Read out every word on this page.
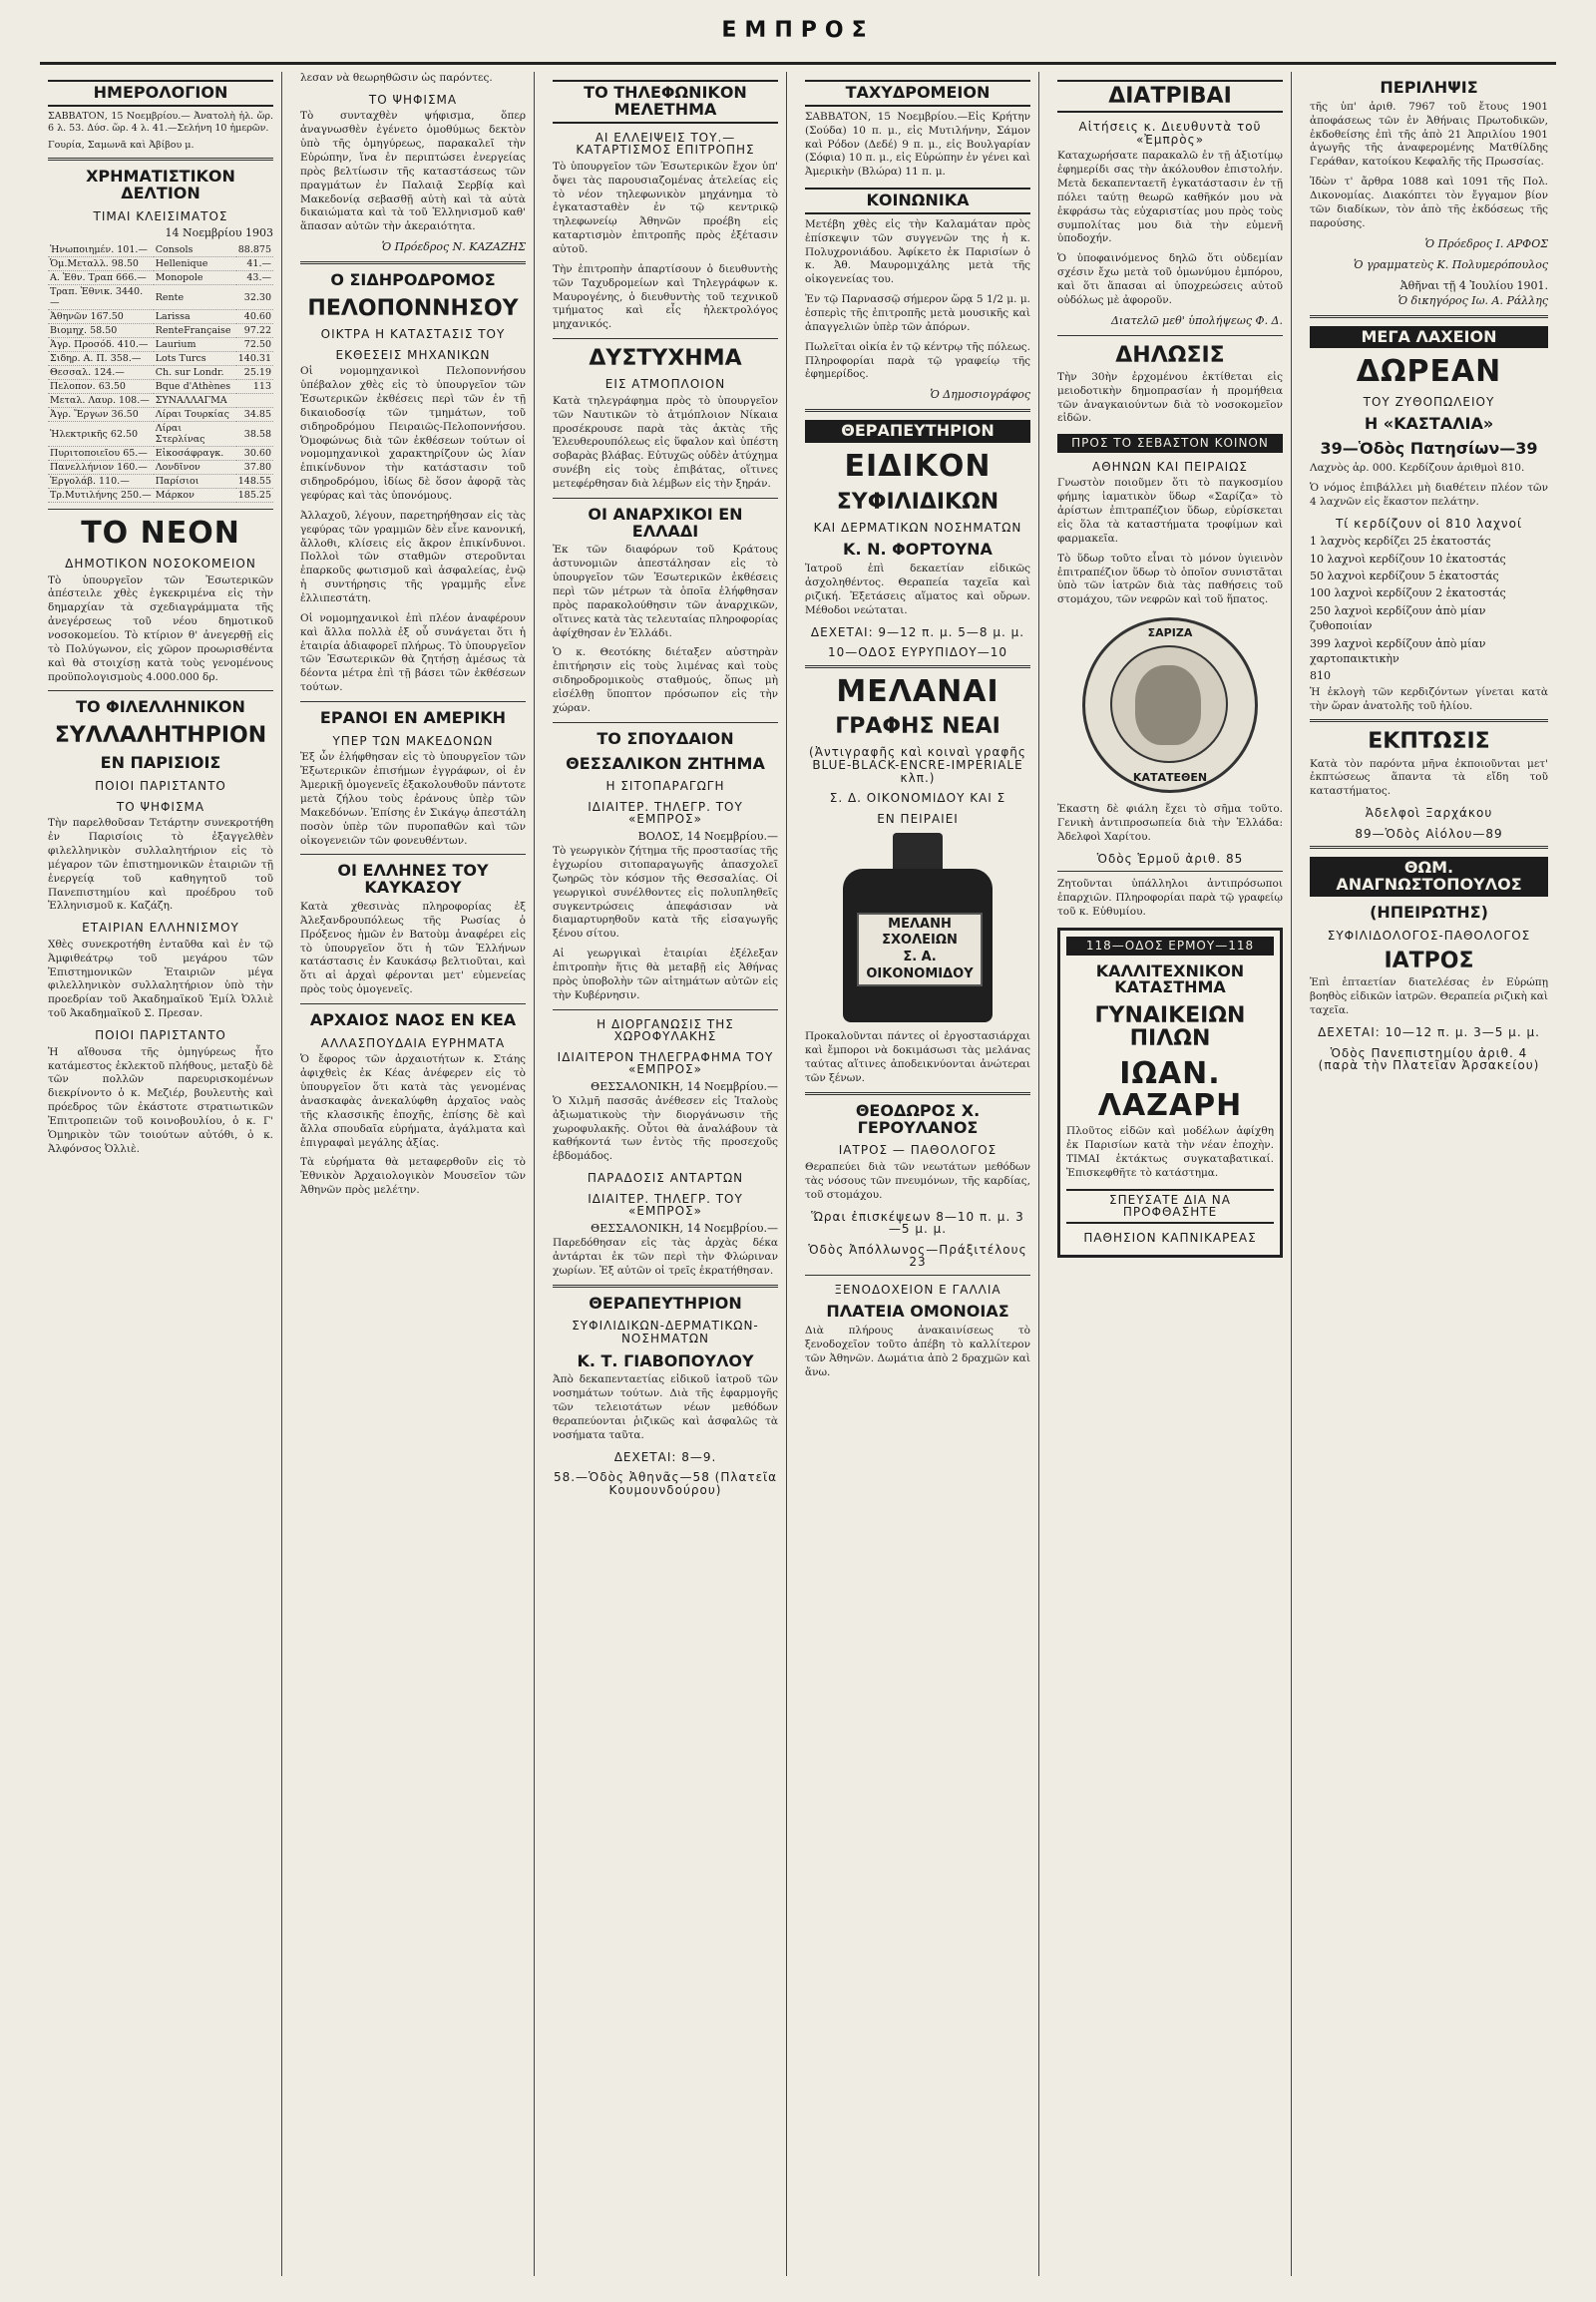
ΕΜΠΡΟΣ
ΗΜΕΡΟΛΟΓΙΟΝ

ΣΑΒΒΑΤΟΝ, 15 Νοεμβρίου.— Ἀνατολὴ ἡλ. ὥρ. 6 λ. 53. Δύσ. ὥρ. 4 λ. 41.—Σελήνη 10 ἡμερῶν.

Γουρία, Σαμωνᾶ καὶ Ἀβίβου μ.

ΧΡΗΜΑΤΙΣΤΙΚΟΝ ΔΕΛΤΙΟΝ
ΤΙΜΑΙ ΚΛΕΙΣΙΜΑΤΟΣ
14 Νοεμβρίου 1903
Ἡνωποιημέν. 101.—	Consols	88.875
Ὁμ.Μεταλλ. 98.50	Hellenique	41.—
Α. Ἐθν. Τραπ 666.—	Monopole	43.—
Τραπ. Ἐθνικ. 3440.—	Rente	32.30
Ἀθηνῶν 167.50	Larissa	40.60
Βιομηχ. 58.50	RenteFrançaise	97.22
Ἀγρ. Προσόδ. 410.—	Laurium	72.50
Σιδηρ. Α. Π. 358.—	Lots Turcs	140.31
Θεσσαλ. 124.—	Ch. sur Londr.	25.19
Πελοπον. 63.50	Bque d'Athènes	113
Μεταλ. Λαυρ. 108.—	ΣΥΝΑΛΛΑΓΜΑ	
Ἀγρ. Ἔργων 36.50	Λίραι Τουρκίας	34.85
Ἠλεκτρικῆς 62.50	Λίραι Στερλίνας	38.58
Πυριτοποιεῖου 65.—	Εἰκοσάφραγκ.	30.60
Πανελλήνιον 160.—	Λονδῖνον	37.80
Ἐργολάβ. 110.—	Παρίσιοι	148.55
Τρ.Μυτιλήνης 250.—	Μάρκον	185.25
ΤΟ ΝΕΟΝ
ΔΗΜΟΤΙΚΟΝ ΝΟΣΟΚΟΜΕΙΟΝ

Τὸ ὑπουργεῖον τῶν Ἐσωτερικῶν ἀπέστειλε χθὲς ἐγκεκριμένα εἰς τὴν δημαρχίαν τὰ σχεδιαγράμματα τῆς ἀνεγέρσεως τοῦ νέου δημοτικοῦ νοσοκομείου. Τὸ κτίριον θ' ἀνεγερθῇ εἰς τὸ Πολύγωνον, εἰς χῶρον προωρισθέντα καὶ θὰ στοιχίσῃ κατὰ τοὺς γενομένους προϋπολογισμοὺς 4.000.000 δρ.

ΤΟ ΦΙΛΕΛΛΗΝΙΚΟΝ
ΣΥΛΛΑΛΗΤΗΡΙΟΝ
ΕΝ ΠΑΡΙΣΙΟΙΣ
ΠΟΙΟΙ ΠΑΡΙΣΤΑΝΤΟ
ΤΟ ΨΗΦΙΣΜΑ

Τὴν παρελθοῦσαν Τετάρτην συνεκροτήθη ἐν Παρισίοις τὸ ἐξαγγελθὲν φιλελληνικὸν συλλαλητήριον εἰς τὸ μέγαρον τῶν ἐπιστημονικῶν ἑταιριῶν τῇ ἐνεργείᾳ τοῦ καθηγητοῦ τοῦ Πανεπιστημίου καὶ προέδρου τοῦ Ἑλληνισμοῦ κ. Καζάζη.

ΕΤΑΙΡΙΑΝ ΕΛΛΗΝΙΣΜΟΥ

Χθὲς συνεκροτήθη ἐνταῦθα καὶ ἐν τῷ Ἀμφιθεάτρῳ τοῦ μεγάρου τῶν Ἐπιστημονικῶν Ἑταιριῶν μέγα φιλελληνικὸν συλλαλητήριον ὑπὸ τὴν προεδρίαν τοῦ Ἀκαδημαϊκοῦ Ἐμίλ Ὀλλιὲ τοῦ Ἀκαδημαϊκοῦ Σ. Πρεσαν.

ΠΟΙΟΙ ΠΑΡΙΣΤΑΝΤΟ

Ἡ αἴθουσα τῆς ὁμηγύρεως ἦτο κατάμεστος ἐκλεκτοῦ πλήθους, μεταξὺ δὲ τῶν πολλῶν παρευρισκομένων διεκρίνοντο ὁ κ. Μεζιέρ, βουλευτὴς καὶ πρόεδρος τῶν ἐκάστοτε στρατιωτικῶν Ἐπιτροπειῶν τοῦ κοινοβουλίου, ὁ κ. Γ' Ὁμηρικὸν τῶν τοιούτων αὐτόθι, ὁ κ. Ἀλφόνσος Ὀλλιὲ.

λεσαν νὰ θεωρηθῶσιν ὡς παρόντες.

ΤΟ ΨΗΦΙΣΜΑ

Τὸ συνταχθὲν ψήφισμα, ὅπερ ἀναγνωσθὲν ἐγένετο ὁμοθύμως δεκτὸν ὑπὸ τῆς ὁμηγύρεως, παρακαλεῖ τὴν Εὐρώπην, ἵνα ἐν περιπτώσει ἐνεργείας πρὸς βελτίωσιν τῆς καταστάσεως τῶν πραγμάτων ἐν Παλαιᾷ Σερβίᾳ καὶ Μακεδονίᾳ σεβασθῇ αὐτὴ καὶ τὰ αὐτὰ δικαιώματα καὶ τὰ τοῦ Ἑλληνισμοῦ καθ' ἅπασαν αὐτῶν τὴν ἀκεραιότητα.

Ὁ Πρόεδρος Ν. ΚΑΖΑΖΗΣ
Ο ΣΙΔΗΡΟΔΡΟΜΟΣ
ΠΕΛΟΠΟΝΝΗΣΟΥ
ΟΙΚΤΡΑ Η ΚΑΤΑΣΤΑΣΙΣ ΤΟΥ
ΕΚΘΕΣΕΙΣ ΜΗΧΑΝΙΚΩΝ

Οἱ νομομηχανικοὶ Πελοποννήσου ὑπέβαλον χθὲς εἰς τὸ ὑπουργεῖον τῶν Ἐσωτερικῶν ἐκθέσεις περὶ τῶν ἐν τῇ δικαιοδοσίᾳ τῶν τμημάτων, τοῦ σιδηροδρόμου Πειραιῶς-Πελοποννήσου. Ὁμοφώνως διὰ τῶν ἐκθέσεων τούτων οἱ νομομηχανικοὶ χαρακτηρίζουν ὡς λίαν ἐπικίνδυνον τὴν κατάστασιν τοῦ σιδηροδρόμου, ἰδίως δὲ ὅσον ἀφορᾷ τὰς γεφύρας καὶ τὰς ὑπονόμους.

Ἀλλαχοῦ, λέγουν, παρετηρήθησαν εἰς τὰς γεφύρας τῶν γραμμῶν δὲν εἶνε κανονική, ἄλλοθι, κλίσεις εἰς ἄκρον ἐπικίνδυνοι. Πολλοὶ τῶν σταθμῶν στεροῦνται ἐπαρκοῦς φωτισμοῦ καὶ ἀσφαλείας, ἐνῷ ἡ συντήρησις τῆς γραμμῆς εἶνε ἐλλιπεστάτη.

Οἱ νομομηχανικοὶ ἐπὶ πλέον ἀναφέρουν καὶ ἄλλα πολλὰ ἐξ οὗ συνάγεται ὅτι ἡ ἑταιρία ἀδιαφορεῖ πλήρως. Τὸ ὑπουργεῖον τῶν Ἐσωτερικῶν θὰ ζητήσῃ ἀμέσως τὰ δέοντα μέτρα ἐπὶ τῇ βάσει τῶν ἐκθέσεων τούτων.

ΕΡΑΝΟΙ ΕΝ ΑΜΕΡΙΚΗ
ΥΠΕΡ ΤΩΝ ΜΑΚΕΔΟΝΩΝ

Ἐξ ὧν ἐλήφθησαν εἰς τὸ ὑπουργεῖον τῶν Ἐξωτερικῶν ἐπισήμων ἐγγράφων, οἱ ἐν Ἀμερικῇ ὁμογενεῖς ἐξακολουθοῦν πάντοτε μετὰ ζήλου τοὺς ἐράνους ὑπὲρ τῶν Μακεδόνων. Ἐπίσης ἐν Σικάγῳ ἀπεστάλη ποσὸν ὑπὲρ τῶν πυροπαθῶν καὶ τῶν οἰκογενειῶν τῶν φονευθέντων.

ΟΙ ΕΛΛΗΝΕΣ ΤΟΥ ΚΑΥΚΑΣΟΥ

Κατὰ χθεσινὰς πληροφορίας ἐξ Ἀλεξανδρουπόλεως τῆς Ρωσίας ὁ Πρόξενος ἡμῶν ἐν Βατοὺμ ἀναφέρει εἰς τὸ ὑπουργεῖον ὅτι ἡ τῶν Ἑλλήνων κατάστασις ἐν Καυκάσῳ βελτιοῦται, καὶ ὅτι αἱ ἀρχαὶ φέρονται μετ' εὐμενείας πρὸς τοὺς ὁμογενεῖς.

ΑΡΧΑΙΟΣ ΝΑΟΣ ΕΝ ΚΕΑ
ΑΛΛΑΣΠΟΥΔΑΙΑ ΕΥΡΗΜΑΤΑ

Ὁ ἔφορος τῶν ἀρχαιοτήτων κ. Στάης ἀφιχθεὶς ἐκ Κέας ἀνέφερεν εἰς τὸ ὑπουργεῖον ὅτι κατὰ τὰς γενομένας ἀνασκαφὰς ἀνεκαλύφθη ἀρχαῖος ναὸς τῆς κλασσικῆς ἐποχῆς, ἐπίσης δὲ καὶ ἄλλα σπουδαῖα εὑρήματα, ἀγάλματα καὶ ἐπιγραφαὶ μεγάλης ἀξίας.

Τὰ εὑρήματα θὰ μεταφερθοῦν εἰς τὸ Ἐθνικὸν Ἀρχαιολογικὸν Μουσεῖον τῶν Ἀθηνῶν πρὸς μελέτην.

ΤΟ ΤΗΛΕΦΩΝΙΚΟΝ ΜΕΛΕΤΗΜΑ
ΑΙ ΕΛΛΕΙΨΕΙΣ ΤΟΥ.— ΚΑΤΑΡΤΙΣΜΟΣ ΕΠΙΤΡΟΠΗΣ

Τὸ ὑπουργεῖον τῶν Ἐσωτερικῶν ἔχον ὑπ' ὄψει τὰς παρουσιαζομένας ἀτελείας εἰς τὸ νέον τηλεφωνικὸν μηχάνημα τὸ ἐγκατασταθὲν ἐν τῷ κεντρικῷ τηλεφωνείῳ Ἀθηνῶν προέβη εἰς καταρτισμὸν ἐπιτροπῆς πρὸς ἐξέτασιν αὐτοῦ.

Τὴν ἐπιτροπὴν ἀπαρτίσουν ὁ διευθυντὴς τῶν Ταχυδρομείων καὶ Τηλεγράφων κ. Μαυρογένης, ὁ διευθυντὴς τοῦ τεχνικοῦ τμήματος καὶ εἷς ἠλεκτρολόγος μηχανικός.

ΔΥΣΤΥΧΗΜΑ
ΕΙΣ ΑΤΜΟΠΛΟΙΟΝ

Κατὰ τηλεγράφημα πρὸς τὸ ὑπουργεῖον τῶν Ναυτικῶν τὸ ἀτμόπλοιον Νίκαια προσέκρουσε παρὰ τὰς ἀκτὰς τῆς Ἐλευθερουπόλεως εἰς ὕφαλον καὶ ὑπέστη σοβαρὰς βλάβας. Εὐτυχῶς οὐδὲν ἀτύχημα συνέβη εἰς τοὺς ἐπιβάτας, οἵτινες μετεφέρθησαν διὰ λέμβων εἰς τὴν ξηράν.

ΟΙ ΑΝΑΡΧΙΚΟΙ ΕΝ ΕΛΛΑΔΙ

Ἐκ τῶν διαφόρων τοῦ Κράτους ἀστυνομιῶν ἀπεστάλησαν εἰς τὸ ὑπουργεῖον τῶν Ἐσωτερικῶν ἐκθέσεις περὶ τῶν μέτρων τὰ ὁποῖα ἐλήφθησαν πρὸς παρακολούθησιν τῶν ἀναρχικῶν, οἵτινες κατὰ τὰς τελευταίας πληροφορίας ἀφίχθησαν ἐν Ἑλλάδι.

Ὁ κ. Θεοτόκης διέταξεν αὐστηρὰν ἐπιτήρησιν εἰς τοὺς λιμένας καὶ τοὺς σιδηροδρομικοὺς σταθμούς, ὅπως μὴ εἰσέλθῃ ὕποπτον πρόσωπον εἰς τὴν χώραν.

ΤΟ ΣΠΟΥΔΑΙΟΝ
ΘΕΣΣΑΛΙΚΟΝ ΖΗΤΗΜΑ
Η ΣΙΤΟΠΑΡΑΓΩΓΗ
ΙΔΙΑΙΤΕΡ. ΤΗΛΕΓΡ. ΤΟΥ «ΕΜΠΡΟΣ»
ΒΟΛΟΣ, 14 Νοεμβρίου.—

Τὸ γεωργικὸν ζήτημα τῆς προστασίας τῆς ἐγχωρίου σιτοπαραγωγῆς ἀπασχολεῖ ζωηρῶς τὸν κόσμον τῆς Θεσσαλίας. Οἱ γεωργικοὶ συνέλθοντες εἰς πολυπληθεῖς συγκεντρώσεις ἀπεφάσισαν νὰ διαμαρτυρηθοῦν κατὰ τῆς εἰσαγωγῆς ξένου σίτου.

Αἱ γεωργικαὶ ἑταιρίαι ἐξέλεξαν ἐπιτροπὴν ἥτις θὰ μεταβῇ εἰς Ἀθήνας πρὸς ὑποβολὴν τῶν αἰτημάτων αὐτῶν εἰς τὴν Κυβέρνησιν.

Η ΔΙΟΡΓΑΝΩΣΙΣ ΤΗΣ ΧΩΡΟΦΥΛΑΚΗΣ
ΙΔΙΑΙΤΕΡΟΝ ΤΗΛΕΓΡΑΦΗΜΑ ΤΟΥ «ΕΜΠΡΟΣ»
ΘΕΣΣΑΛΟΝΙΚΗ, 14 Νοεμβρίου.—

Ὁ Χιλμῆ πασσᾶς ἀνέθεσεν εἰς Ἰταλοὺς ἀξιωματικοὺς τὴν διοργάνωσιν τῆς χωροφυλακῆς. Οὗτοι θὰ ἀναλάβουν τὰ καθήκοντά των ἐντὸς τῆς προσεχοῦς ἑβδομάδος.

ΠΑΡΑΔΟΣΙΣ ΑΝΤΑΡΤΩΝ
ΙΔΙΑΙΤΕΡ. ΤΗΛΕΓΡ. ΤΟΥ «ΕΜΠΡΟΣ»
ΘΕΣΣΑΛΟΝΙΚΗ, 14 Νοεμβρίου.—

Παρεδόθησαν εἰς τὰς ἀρχὰς δέκα ἀντάρται ἐκ τῶν περὶ τὴν Φλώριναν χωρίων. Ἐξ αὐτῶν οἱ τρεῖς ἐκρατήθησαν.

ΘΕΡΑΠΕΥΤΗΡΙΟΝ
ΣΥΦΙΛΙΔΙΚΩΝ-ΔΕΡΜΑΤΙΚΩΝ-ΝΟΣΗΜΑΤΩΝ
Κ. Τ. ΓΙΑΒΟΠΟΥΛΟΥ

Ἀπὸ δεκαπενταετίας εἰδικοῦ ἰατροῦ τῶν νοσημάτων τούτων. Διὰ τῆς ἐφαρμογῆς τῶν τελειοτάτων νέων μεθόδων θεραπεύονται ῥιζικῶς καὶ ἀσφαλῶς τὰ νοσήματα ταῦτα.

ΔΕΧΕΤΑΙ: 8—9.
58.—Ὁδὸς Ἀθηνᾶς—58 (Πλατεῖα Κουμουνδούρου)
ΤΑΧΥΔΡΟΜΕΙΟΝ

ΣΑΒΒΑΤΟΝ, 15 Νοεμβρίου.—Εἰς Κρήτην (Σούδα) 10 π. μ., εἰς Μυτιλήνην, Σάμον καὶ Ρόδον (Δεδέ) 9 π. μ., εἰς Βουλγαρίαν (Σόφια) 10 π. μ., εἰς Εὐρώπην ἐν γένει καὶ Ἀμερικὴν (Βλώρα) 11 π. μ.

ΚΟΙΝΩΝΙΚΑ

Μετέβη χθὲς εἰς τὴν Καλαμάταν πρὸς ἐπίσκεψιν τῶν συγγενῶν της ἡ κ. Πολυχρονιάδου. Ἀφίκετο ἐκ Παρισίων ὁ κ. Ἀθ. Μαυρομιχάλης μετὰ τῆς οἰκογενείας του.

Ἐν τῷ Παρνασσῷ σήμερον ὥρᾳ 5 1/2 μ. μ. ἑσπερὶς τῆς ἐπιτροπῆς μετὰ μουσικῆς καὶ ἀπαγγελιῶν ὑπὲρ τῶν ἀπόρων.

Πωλεῖται οἰκία ἐν τῷ κέντρῳ τῆς πόλεως. Πληροφορίαι παρὰ τῷ γραφείῳ τῆς ἐφημερίδος.

Ὁ Δημοσιογράφος
ΘΕΡΑΠΕΥΤΗΡΙΟΝ
ΕΙΔΙΚΟΝ
ΣΥΦΙΛΙΔΙΚΩΝ
ΚΑΙ ΔΕΡΜΑΤΙΚΩΝ ΝΟΣΗΜΑΤΩΝ
Κ. Ν. ΦΟΡΤΟΥΝΑ

Ἰατροῦ ἐπὶ δεκαετίαν εἰδικῶς ἀσχοληθέντος. Θεραπεία ταχεῖα καὶ ριζική. Ἐξετάσεις αἵματος καὶ οὔρων. Μέθοδοι νεώταται.

ΔΕΧΕΤΑΙ: 9—12 π. μ. 5—8 μ. μ.
10—ΟΔΟΣ ΕΥΡΥΠΙΔΟΥ—10
ΜΕΛΑΝΑΙ
ΓΡΑΦΗΣ ΝΕΑΙ
(Ἀντιγραφῆς καὶ κοιναὶ γραφῆς BLUE-BLACK-ENCRE-IMPERIALE κλπ.)
Σ. Δ. ΟΙΚΟΝΟΜΙΔΟΥ ΚΑΙ Σ
ΕΝ ΠΕΙΡΑΙΕΙ
ΜΕΛΑΝΗ ΣΧΟΛΕΙΩΝ
Σ. Α. ΟΙΚΟΝΟΜΙΔΟΥ

Προκαλοῦνται πάντες οἱ ἐργοστασιάρχαι καὶ ἔμποροι νὰ δοκιμάσωσι τὰς μελάνας ταύτας αἵτινες ἀποδεικνύονται ἀνώτεραι τῶν ξένων.

ΘΕΟΔΩΡΟΣ Χ. ΓΕΡΟΥΛΑΝΟΣ
ΙΑΤΡΟΣ — ΠΑΘΟΛΟΓΟΣ

Θεραπεύει διὰ τῶν νεωτάτων μεθόδων τὰς νόσους τῶν πνευμόνων, τῆς καρδίας, τοῦ στομάχου.

Ὥραι ἐπισκέψεων 8—10 π. μ. 3—5 μ. μ.
Ὁδὸς Ἀπόλλωνος—Πράξιτέλους 23
ΞΕΝΟΔΟΧΕΙΟΝ Ε ΓΑΛΛΙΑ
ΠΛΑΤΕΙΑ ΟΜΟΝΟΙΑΣ

Διὰ πλήρους ἀνακαινίσεως τὸ ξενοδοχεῖον τοῦτο ἀπέβη τὸ καλλίτερον τῶν Ἀθηνῶν. Δωμάτια ἀπὸ 2 δραχμῶν καὶ ἄνω.

ΔΙΑΤΡΙΒΑΙ
Αἰτήσεις κ. Διευθυντὰ τοῦ «Ἐμπρὸς»

Καταχωρήσατε παρακαλῶ ἐν τῇ ἀξιοτίμῳ ἐφημερίδι σας τὴν ἀκόλουθον ἐπιστολήν. Μετὰ δεκαπενταετῆ ἐγκατάστασιν ἐν τῇ πόλει ταύτῃ θεωρῶ καθῆκόν μου νὰ ἐκφράσω τὰς εὐχαριστίας μου πρὸς τοὺς συμπολίτας μου διὰ τὴν εὐμενῆ ὑποδοχήν.

Ὁ ὑποφαινόμενος δηλῶ ὅτι οὐδεμίαν σχέσιν ἔχω μετὰ τοῦ ὁμωνύμου ἐμπόρου, καὶ ὅτι ἅπασαι αἱ ὑποχρεώσεις αὐτοῦ οὐδόλως μὲ ἀφοροῦν.

Διατελῶ μεθ' ὑπολήψεως Φ. Δ.
ΔΗΛΩΣΙΣ

Τὴν 30ὴν ἐρχομένου ἐκτίθεται εἰς μειοδοτικὴν δημοπρασίαν ἡ προμήθεια τῶν ἀναγκαιούντων διὰ τὸ νοσοκομεῖον εἰδῶν.

ΠΡΟΣ ΤΟ ΣΕΒΑΣΤΟΝ ΚΟΙΝΟΝ
ΑΘΗΝΩΝ ΚΑΙ ΠΕΙΡΑΙΩΣ

Γνωστὸν ποιοῦμεν ὅτι τὸ παγκοσμίου φήμης ἰαματικὸν ὕδωρ «Σαρίζα» τὸ ἀρίστων ἐπιτραπέζιον ὕδωρ, εὑρίσκεται εἰς ὅλα τὰ καταστήματα τροφίμων καὶ φαρμακεῖα.

Τὸ ὕδωρ τοῦτο εἶναι τὸ μόνον ὑγιεινὸν ἐπιτραπέζιον ὕδωρ τὸ ὁποῖον συνιστᾶται ὑπὸ τῶν ἰατρῶν διὰ τὰς παθήσεις τοῦ στομάχου, τῶν νεφρῶν καὶ τοῦ ἥπατος.

ΣΑΡΙΖΑ
ΚΑΤΑΤΕΘΕΝ

Ἐκαστη δὲ φιάλη ἔχει τὸ σῆμα τοῦτο. Γενικὴ ἀντιπροσωπεία διὰ τὴν Ἑλλάδα: Ἀδελφοὶ Χαρίτου.

Ὁδὸς Ἑρμοῦ ἀριθ. 85

Ζητοῦνται ὑπάλληλοι ἀντιπρόσωποι ἐπαρχιῶν. Πληροφορίαι παρὰ τῷ γραφείῳ τοῦ κ. Εὐθυμίου.

118—ΟΔΟΣ ΕΡΜΟΥ—118
ΚΑΛΛΙΤΕΧΝΙΚΟΝ ΚΑΤΑΣΤΗΜΑ
ΓΥΝΑΙΚΕΙΩΝ ΠΙΛΩΝ
ΙΩΑΝ. ΛΑΖΑΡΗ

Πλοῦτος εἰδῶν καὶ μοδέλων ἀφίχθη ἐκ Παρισίων κατὰ τὴν νέαν ἐποχὴν. ΤΙΜΑΙ ἐκτάκτως συγκαταβατικαί. Ἐπισκεφθῆτε τὸ κατάστημα.

ΣΠΕΥΣΑΤΕ ΔΙΑ ΝΑ ΠΡΟΦΘΑΣΗΤΕ
ΠΑΘΗΣΙΟΝ ΚΑΠΝΙΚΑΡΕΑΣ
ΠΕΡΙΛΗΨΙΣ

τῆς ὑπ' ἀριθ. 7967 τοῦ ἔτους 1901 ἀποφάσεως τῶν ἐν Ἀθήναις Πρωτοδικῶν, ἐκδοθείσης ἐπὶ τῆς ἀπὸ 21 Ἀπριλίου 1901 ἀγωγῆς τῆς ἀναφερομένης Ματθίλδης Γεράθαν, κατοίκου Κεφαλῆς τῆς Πρωσσίας.

Ἰδὼν τ' ἄρθρα 1088 καὶ 1091 τῆς Πολ. Δικονομίας. Διακόπτει τὸν ἔγγαμον βίον τῶν διαδίκων, τὸν ἀπὸ τῆς ἐκδόσεως τῆς παρούσης.

Ὁ Πρόεδρος Ι. ΑΡΦΟΣ
Ὁ γραμματεὺς Κ. Πολυμερόπουλος
Ἀθῆναι τῇ 4 Ἰουλίου 1901.
Ὁ δικηγόρος Ιω. Α. Ράλλης
ΜΕΓΑ ΛΑΧΕΙΟΝ
ΔΩΡΕΑΝ
ΤΟΥ ΖΥΘΟΠΩΛΕΙΟΥ
Η «ΚΑΣΤΑΛΙΑ»
39—Ὁδὸς Πατησίων—39

Λαχνὸς ἀρ. 000. Κερδίζουν ἀριθμοὶ 810.

Ὁ νόμος ἐπιβάλλει μὴ διαθέτειν πλέον τῶν 4 λαχνῶν εἰς ἕκαστον πελάτην.

Τί κερδίζουν οἱ 810 λαχνοί
1 λαχνὸς κερδίζει 25 ἑκατοστάς
10 λαχνοὶ κερδίζουν 10 ἑκατοστάς
50 λαχνοὶ κερδίζουν 5 ἑκατοστάς
100 λαχνοὶ κερδίζουν 2 ἑκατοστάς
250 λαχνοὶ κερδίζουν ἀπὸ μίαν ζυθοποιίαν
399 λαχνοὶ κερδίζουν ἀπὸ μίαν χαρτοπαικτικὴν
810

Ἡ ἐκλογὴ τῶν κερδιζόντων γίνεται κατὰ τὴν ὥραν ἀνατολῆς τοῦ ἡλίου.

ΕΚΠΤΩΣΙΣ

Κατὰ τὸν παρόντα μῆνα ἐκποιοῦνται μετ' ἐκπτώσεως ἅπαντα τὰ εἴδη τοῦ καταστήματος.

Ἀδελφοὶ Ξαρχάκου
89—Ὁδὸς Αἰόλου—89
ΘΩΜ. ΑΝΑΓΝΩΣΤΟΠΟΥΛΟΣ
(ΗΠΕΙΡΩΤΗΣ)
ΣΥΦΙΛΙΔΟΛΟΓΟΣ-ΠΑΘΟΛΟΓΟΣ
ΙΑΤΡΟΣ

Ἐπὶ ἑπταετίαν διατελέσας ἐν Εὐρώπῃ βοηθὸς εἰδικῶν ἰατρῶν. Θεραπεία ριζικὴ καὶ ταχεῖα.

ΔΕΧΕΤΑΙ: 10—12 π. μ. 3—5 μ. μ.
Ὁδὸς Πανεπιστημίου ἀριθ. 4 (παρὰ τὴν Πλατεῖαν Ἀρσακείου)
